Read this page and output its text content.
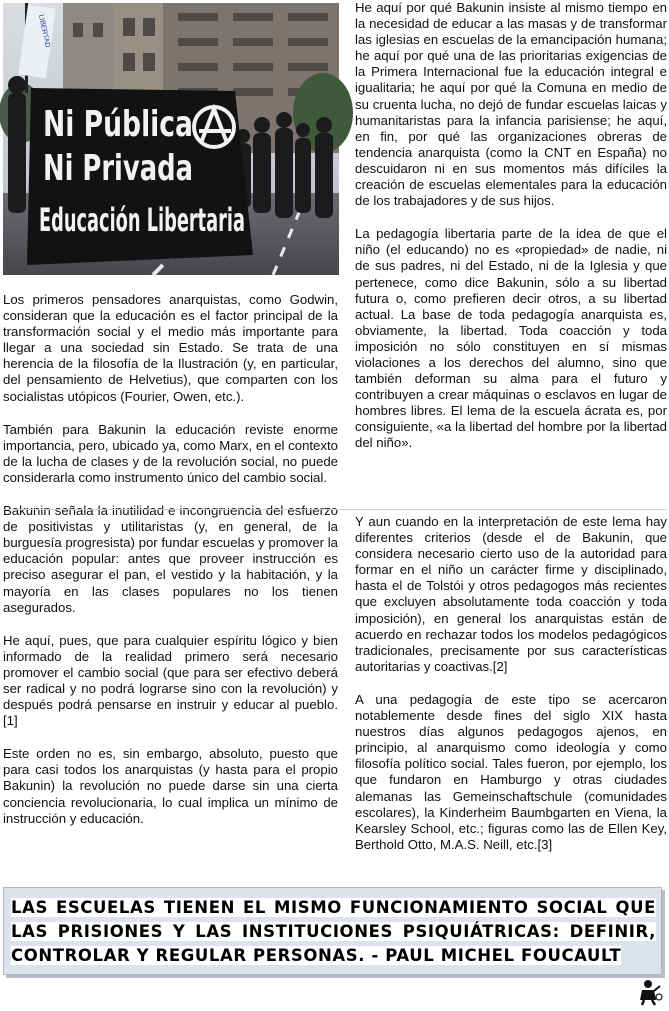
LIBERTAD
Ni Pública
Ni Privada
Educación Libertaria

Los primeros pensadores anarquistas, como Godwin, consideran que la educación es el factor principal de la transformación social y el medio más importante para llegar a una sociedad sin Estado. Se trata de una herencia de la filosofía de la Ilustración (y, en particular, del pensamiento de Helvetius), que comparten con los socialistas utópicos (Fourier, Owen, etc.).

También para Bakunin la educación reviste enorme importancia, pero, ubicado ya, como Marx, en el contexto de la lucha de clases y de la revolución social, no puede considerarla como instrumento único del cambio social.

Bakunin señala la inutilidad e incongruencia del esfuerzo de positivistas y utilitaristas (y, en general, de la burguesía progresista) por fundar escuelas y promover la educación popular: antes que proveer instrucción es preciso asegurar el pan, el vestido y la habitación, y la mayoría en las clases populares no los tienen asegurados.

He aquí, pues, que para cualquier espíritu lógico y bien informado de la realidad primero será necesario promover el cambio social (que para ser efectivo deberá ser radical y no podrá lograrse sino con la revolución) y después podrá pensarse en instruir y educar al pueblo.[1]

Este orden no es, sin embargo, absoluto, puesto que para casi todos los anarquistas (y hasta para el propio Bakunin) la revolución no puede darse sin una cierta conciencia revolucionaria, lo cual implica un mínimo de instrucción y educación.

He aquí por qué Bakunin insiste al mismo tiempo en la necesidad de educar a las masas y de transformar las iglesias en escuelas de la emancipación humana; he aquí por qué una de las prioritarias exigencias de la Primera Internacional fue la educación integral e igualitaria; he aquí por qué la Comuna en medio de su cruenta lucha, no dejó de fundar escuelas laicas y humanitaristas para la infancia parisiense; he aquí, en fin, por qué las organizaciones obreras de tendencia anarquista (como la CNT en España) no descuidaron ni en sus momentos más difíciles la creación de escuelas elementales para la educación de los trabajadores y de sus hijos.

La pedagogía libertaria parte de la idea de que el niño (el educando) no es «propiedad» de nadie, ni de sus padres, ni del Estado, ni de la Iglesia y que pertenece, como dice Bakunin, sólo a su libertad futura o, como prefieren decir otros, a su libertad actual. La base de toda pedagogía anarquista es, obviamente, la libertad. Toda coacción y toda imposición no sólo constituyen en sí mismas violaciones a los derechos del alumno, sino que también deforman su alma para el futuro y contribuyen a crear máquinas o esclavos en lugar de hombres libres. El lema de la escuela ácrata es, por consiguiente, «a la libertad del hombre por la libertad del niño».

Y aun cuando en la interpretación de este lema hay diferentes criterios (desde el de Bakunin, que considera necesario cierto uso de la autoridad para formar en el niño un carácter firme y disciplinado, hasta el de Tolstói y otros pedagogos más recientes que excluyen absolutamente toda coacción y toda imposición), en general los anarquistas están de acuerdo en rechazar todos los modelos pedagógicos tradicionales, precisamente por sus características autoritarias y coactivas.[2]

A una pedagogía de este tipo se acercaron notablemente desde fines del siglo XIX hasta nuestros días algunos pedagogos ajenos, en principio, al anarquismo como ideología y como filosofía político social. Tales fueron, por ejemplo, los que fundaron en Hamburgo y otras ciudades alemanas las Gemeinschaftschule (comunidades escolares), la Kinderheim Baumbgarten en Viena, la Kearsley School, etc.; figuras como las de Ellen Key, Berthold Otto, M.A.S. Neill, etc.[3]

LAS ESCUELAS TIENEN EL MISMO FUNCIONAMIENTO SOCIAL QUE LAS PRISIONES Y LAS INSTITUCIONES PSIQUIÁTRICAS: DEFINIR, CONTROLAR Y REGULAR PERSONAS. - PAUL MICHEL FOUCAULT
